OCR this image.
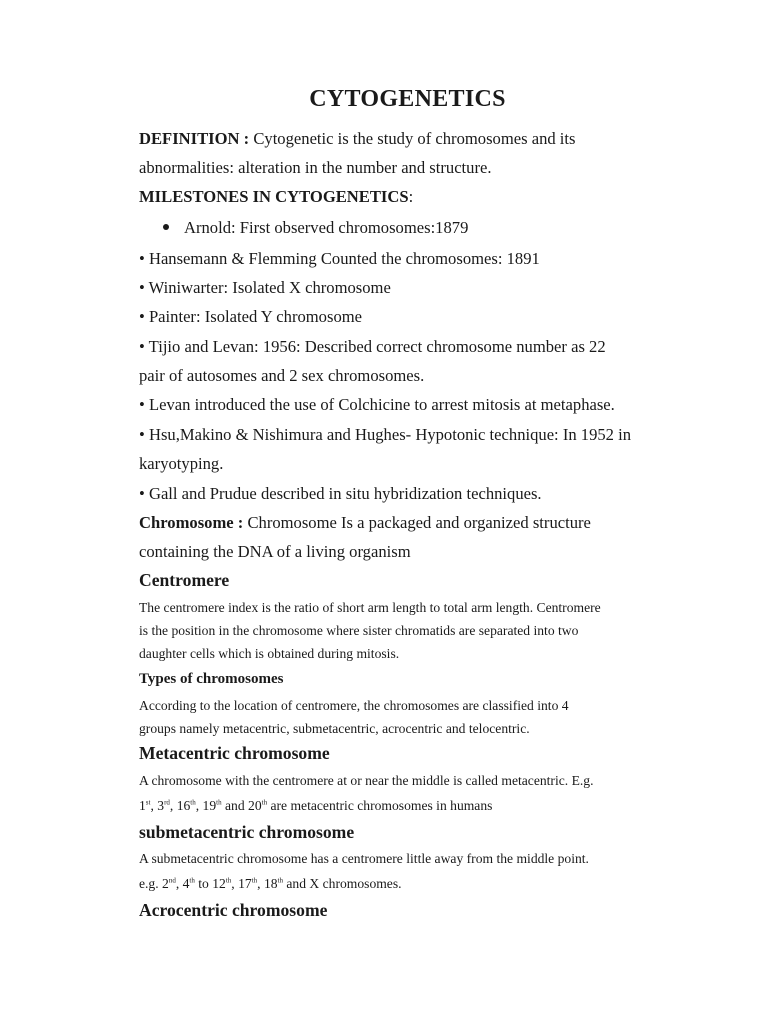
CYTOGENETICS
DEFINITION : Cytogenetic is the study of chromosomes and its
abnormalities: alteration in the number and structure.
MILESTONES IN CYTOGENETICS:
Arnold: First observed chromosomes:1879
• Hansemann & Flemming Counted the chromosomes: 1891
• Winiwarter: Isolated X chromosome
• Painter: Isolated Y chromosome
• Tijio and Levan: 1956: Described correct chromosome number as 22
pair of autosomes and 2 sex chromosomes.
• Levan introduced the use of Colchicine to arrest mitosis at metaphase.
• Hsu,Makino & Nishimura and Hughes- Hypotonic technique: In 1952 in
karyotyping.
• Gall and Prudue described in situ hybridization techniques.
Chromosome : Chromosome Is a packaged and organized structure
containing the DNA of a living organism
Centromere
The centromere index is the ratio of short arm length to total arm length. Centromere
is the position in the chromosome where sister chromatids are separated into two
daughter cells which is obtained during mitosis.
Types of chromosomes
According to the location of centromere, the chromosomes are classified into 4
groups namely metacentric, submetacentric, acrocentric and telocentric.
Metacentric chromosome
A chromosome with the centromere at or near the middle is called metacentric. E.g.
1st, 3rd, 16th, 19th and 20th are metacentric chromosomes in humans
submetacentric chromosome
A submetacentric chromosome has a centromere little away from the middle point.
e.g. 2nd, 4th to 12th, 17th, 18th and X chromosomes.
Acrocentric chromosome
